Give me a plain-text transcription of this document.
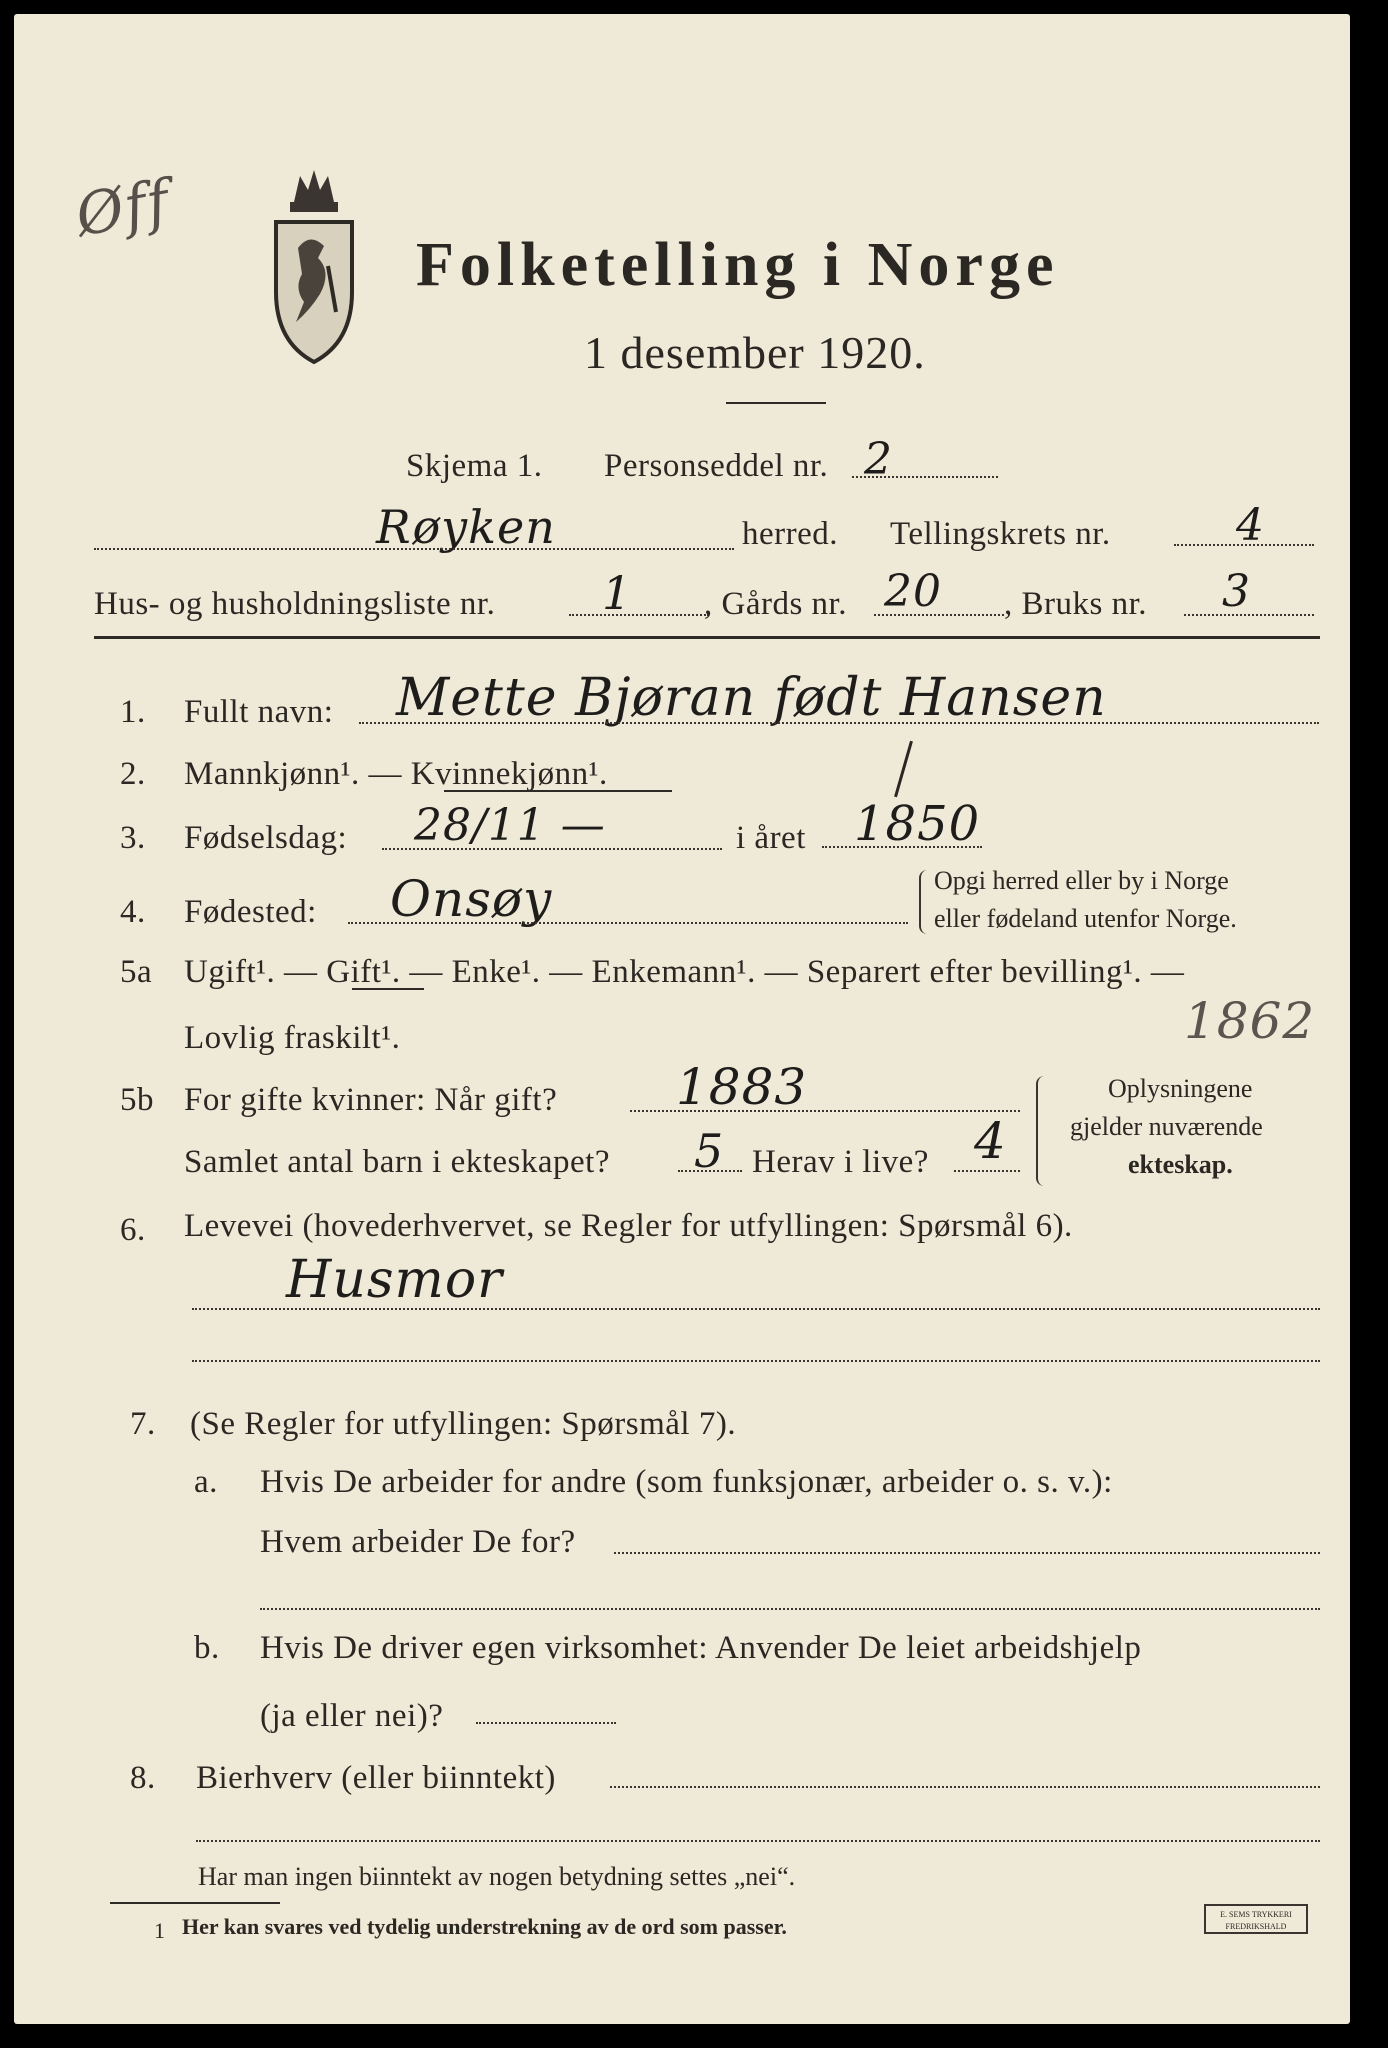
Øff
Folketelling i Norge
1 desember 1920.
Skjema 1. Personseddel nr. 2
Røyken	herred. Tellingskrets nr.	4
Hus- og husholdningsliste nr. 1 , Gårds nr. 20 , Bruks nr. 3
1. Fullt navn: Mette Bjøran født Hansen
2. Mannkjønn¹. — Kvinnekjønn¹.
3. Fødselsdag: 28/11 —	i året 1850
4. Fødested: Onsøy	Opgi herred eller by i Norge
eller fødeland utenfor Norge.
5a Ugift¹. — Gift¹. — Enke¹. — Enkemann¹. — Separert efter bevilling¹. —
Lovlig fraskilt¹.	1862
5b For gifte kvinner: Når gift? 1883
Samlet antal barn i ekteskapet? 5 Herav i live? 4
Oplysningene
gjelder nuværende
ekteskap.
6. Levevei (hovederhvervet, se Regler for utfyllingen: Spørsmål 6).
Husmor
7. (Se Regler for utfyllingen: Spørsmål 7).
a. Hvis De arbeider for andre (som funksjonær, arbeider o. s. v.):
Hvem arbeider De for?
b. Hvis De driver egen virksomhet: Anvender De leiet arbeidshjelp
(ja eller nei)?
8. Bierhverv (eller biinntekt)
Har man ingen biinntekt av nogen betydning settes „nei“.
1 Her kan svares ved tydelig understrekning av de ord som passer.	E. SEMS TRYKKERI
FREDRIKSHALD
